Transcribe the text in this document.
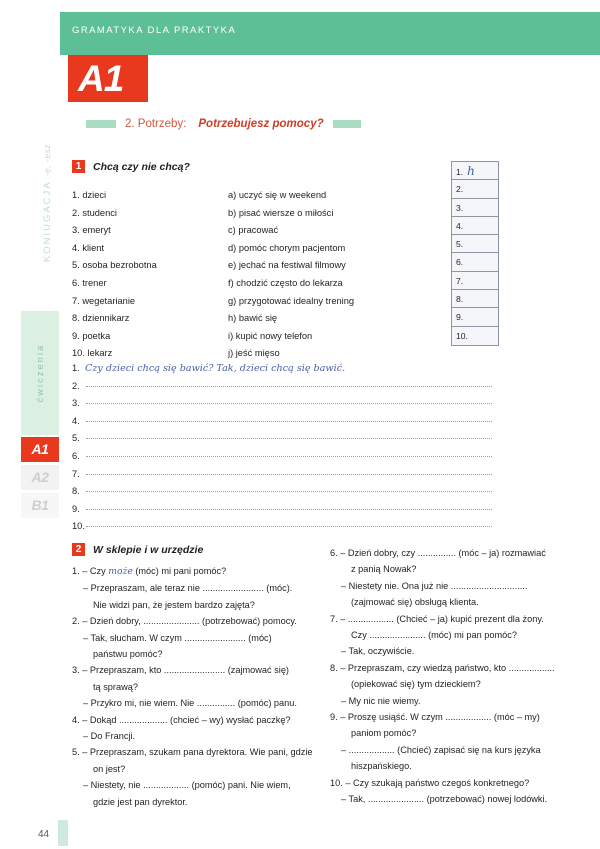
GRAMATYKA DLA PRAKTYKA
A1
2. Potrzeby: Potrzebujesz pomocy?
KONIUGACJA -ę, -esz
ćwiczenia
A1
A2
B1
1	Chcą czy nie chcą?
1. dzieci
2. studenci
3. emeryt
4. klient
5. osoba bezrobotna
6. trener
7. wegetarianie
8. dziennikarz
9. poetka
10. lekarz
a) uczyć się w weekend
b) pisać wiersze o miłości
c) pracować
d) pomóc chorym pacjentom
e) jechać na festiwal filmowy
f) chodzić często do lekarza
g) przygotować idealny trening
h) bawić się
i) kupić nowy telefon
j) jeść mięso
1. h
2.
3.
4.
5.
6.
7.
8.
9.
10.
1. Czy dzieci chcą się bawić? Tak, dzieci chcą się bawić.
2.
3.
4.
5.
6.
7.
8.
9.
10.
2	W sklepie i w urzędzie
1. – Czy może (móc) mi pani pomóc?
– Przepraszam, ale teraz nie ........................ (móc).
Nie widzi pan, że jestem bardzo zajęta?
2. – Dzień dobry, ...................... (potrzebować) pomocy.
– Tak, słucham. W czym ........................ (móc)
państwu pomóc?
3. – Przepraszam, kto ........................ (zajmować się)
tą sprawą?
– Przykro mi, nie wiem. Nie ............... (pomóc) panu.
4. – Dokąd ................... (chcieć – wy) wysłać paczkę?
– Do Francji.
5. – Przepraszam, szukam pana dyrektora. Wie pani, gdzie
on jest?
– Niestety, nie .................. (pomóc) pani. Nie wiem,
gdzie jest pan dyrektor.
6. – Dzień dobry, czy ............... (móc – ja) rozmawiać
z panią Nowak?
– Niestety nie. Ona już nie ..............................
(zajmować się) obsługą klienta.
7. – .................. (Chcieć – ja) kupić prezent dla żony.
Czy ...................... (móc) mi pan pomóc?
– Tak, oczywiście.
8. – Przepraszam, czy wiedzą państwo, kto ..................
(opiekować się) tym dzieckiem?
– My nic nie wiemy.
9. – Proszę usiąść. W czym .................. (móc – my)
paniom pomóc?
– .................. (Chcieć) zapisać się na kurs języka
hiszpańskiego.
10. – Czy szukają państwo czegoś konkretnego?
– Tak, ...................... (potrzebować) nowej lodówki.
44
